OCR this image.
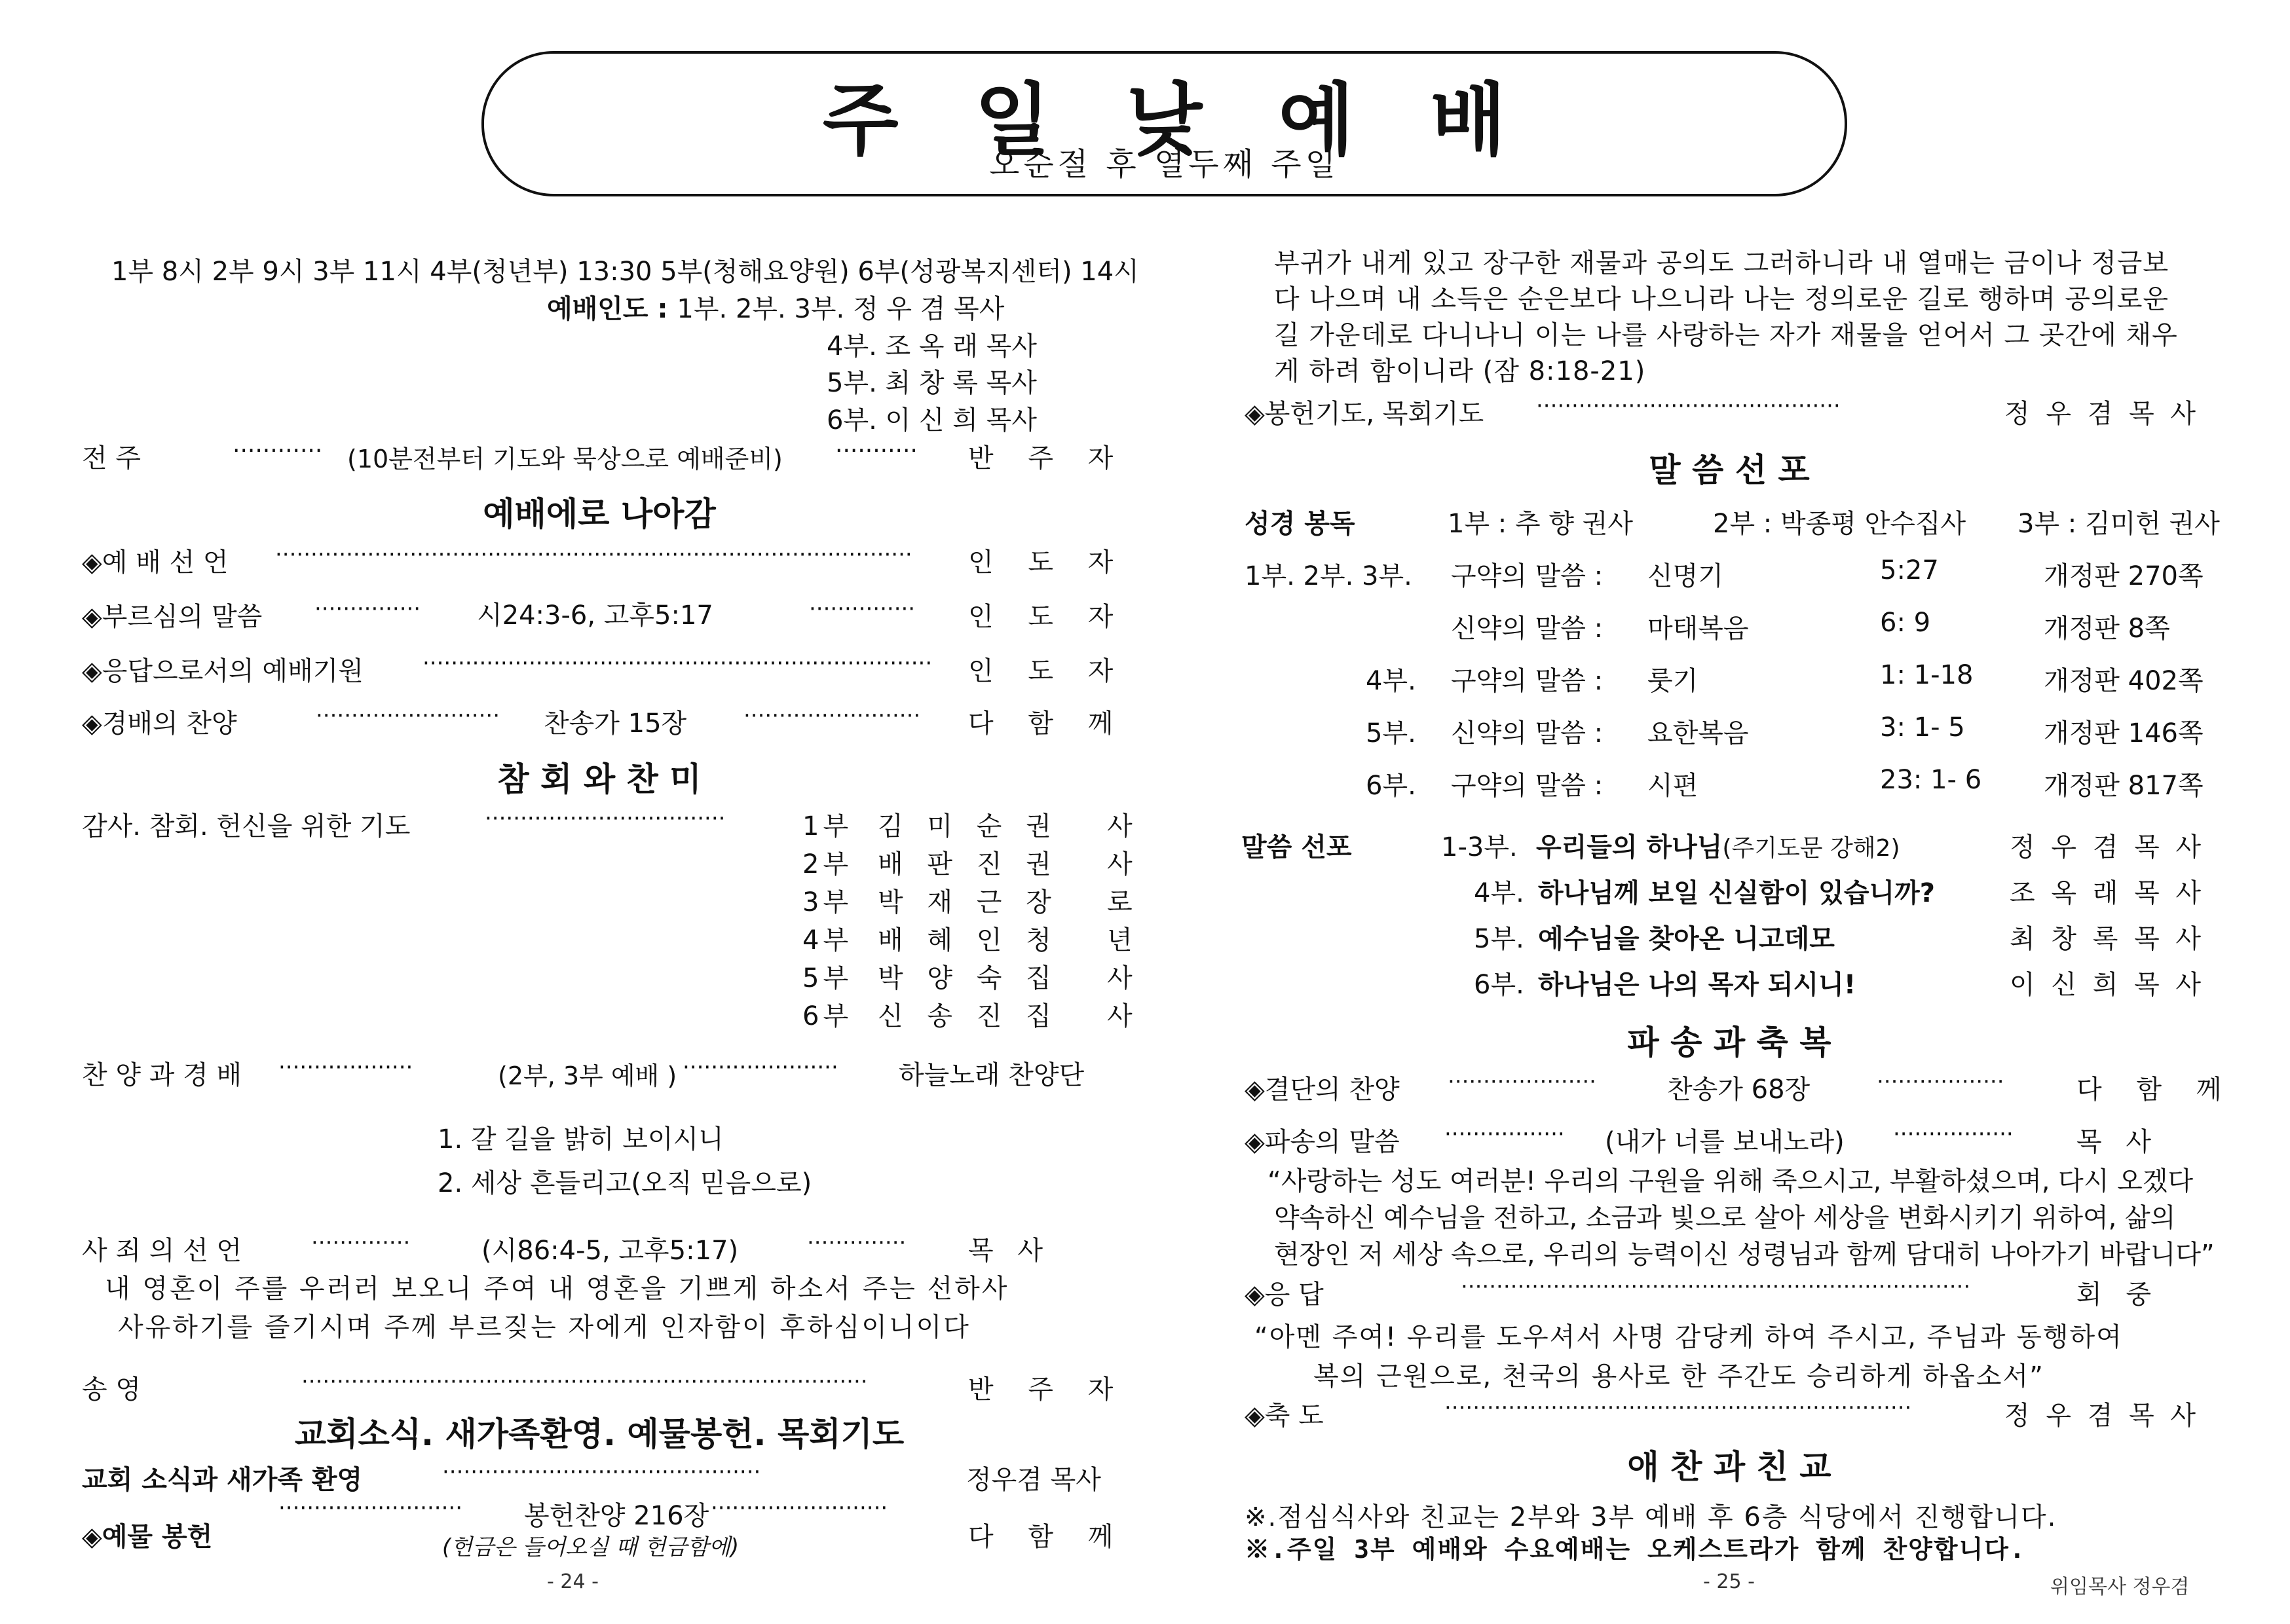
주 일 낮 예 배
오순절 후 열두째 주일
1부 8시 2부 9시 3부 11시 4부(청년부) 13:30 5부(청해요양원) 6부(성광복지센터) 14시
예배인도 : 1부. 2부. 3부. 정 우 겸 목사
4부. 조 옥 래 목사
5부. 최 창 록 목사
6부. 이 신 희 목사
전 주	············ (10분전부터 기도와 묵상으로 예배준비) ··········· 반 주 자
예배에로 나아감
◈예 배 선 언 ·························································································· 인 도 자
◈부르심의 말씀 ··············· 시24:3-6, 고후5:17	··············· 인 도 자
◈응답으로서의 예배기원	········································································ 인 도 자
◈경배의 찬양	·························· 찬송가 15장	························· 다 함 께
참 회 와 찬 미
감사. 참회. 헌신을 위한 기도	··································	1부 김 미 순 권 사
2부 배 판 진 권 사
3부 박 재 근 장 로
4부 배 혜 인 청 년
5부 박 양 숙 집 사
6부 신 송 진 집 사
찬 양 과 경 배 ···················	(2부, 3부 예배 ) ······················ 하늘노래 찬양단
1. 갈 길을 밝히 보이시니
2. 세상 흔들리고(오직 믿음으로)
사 죄 의 선 언	··············	(시86:4-5, 고후5:17)	·············· 목 사
내 영혼이 주를 우러러 보오니 주여 내 영혼을 기쁘게 하소서 주는 선하사
사유하기를 즐기시며 주께 부르짖는 자에게 인자함이 후하심이니이다
송 영	················································································	반 주 자
교회소식. 새가족환영. 예물봉헌. 목회기도
교회 소식과 새가족 환영	·············································	정우겸 목사
·························· 봉헌찬양 216장 ·························
◈예물 봉헌	(헌금은 들어오실 때 헌금함에)	다 함 께
- 24 -
부귀가 내게 있고 장구한 재물과 공의도 그러하니라 내 열매는 금이나 정금보
다 나으며 내 소득은 순은보다 나으니라 나는 정의로운 길로 행하며 공의로운
길 가운데로 다니나니 이는 나를 사랑하는 자가 재물을 얻어서 그 곳간에 채우
게 하려 함이니라 (잠 8:18-21)
◈봉헌기도, 목회기도 ···········································	정 우 겸 목 사
말 씀 선 포
성경 봉독	1부 : 추 향 권사	2부 : 박종평 안수집사 3부 : 김미헌 권사
1부. 2부. 3부. 구약의 말씀 : 신명기	5:27	개정판 270쪽
신약의 말씀 : 마태복음	6: 9	개정판 8쪽
4부. 구약의 말씀 : 룻기	1: 1-18	개정판 402쪽
5부. 신약의 말씀 : 요한복음	3: 1- 5	개정판 146쪽
6부. 구약의 말씀 : 시편	23: 1- 6 개정판 817쪽
말씀 선포	1-3부. 우리들의 하나님(주기도문 강해2)	정 우 겸 목 사
4부. 하나님께 보일 신실함이 있습니까?	조 옥 래 목 사
5부. 예수님을 찾아온 니고데모	최 창 록 목 사
6부. 하나님은 나의 목자 되시니!	이 신 희 목 사
파 송 과 축 복
◈결단의 찬양 ·····················	찬송가 68장	··················	다 함 께
◈파송의 말씀 ················· (내가 너를 보내노라) ················· 목 사
“사랑하는 성도 여러분! 우리의 구원을 위해 죽으시고, 부활하셨으며, 다시 오겠다
약속하신 예수님을 전하고, 소금과 빛으로 살아 세상을 변화시키기 위하여, 삶의
현장인 저 세상 속으로, 우리의 능력이신 성령님과 함께 담대히 나아가기 바랍니다”
◈응 답	········································································	회 중
“아멘 주여! 우리를 도우셔서 사명 감당케 하여 주시고, 주님과 동행하여
복의 근원으로, 천국의 용사로 한 주간도 승리하게 하옵소서”
◈축 도	··································································	정 우 겸 목 사
애 찬 과 친 교
※.점심식사와 친교는 2부와 3부 예배 후 6층 식당에서 진행합니다.
※.주일 3부 예배와 수요예배는 오케스트라가 함께 찬양합니다.
- 25 -	위임목사 정우겸
